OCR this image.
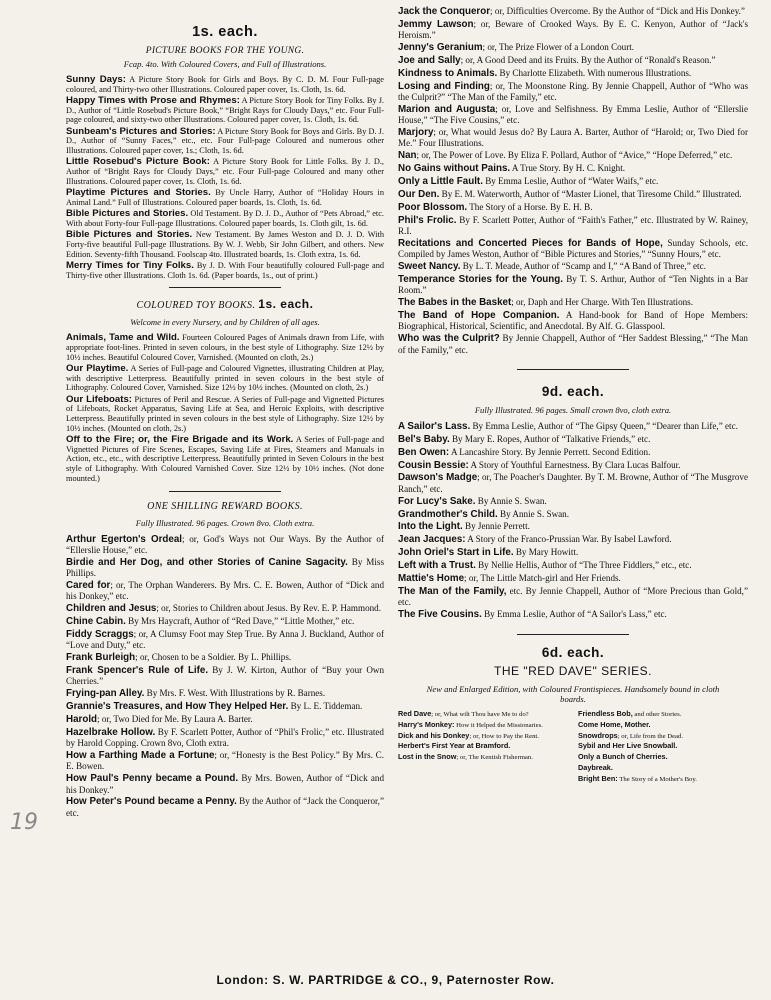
19
1s. each.
PICTURE BOOKS FOR THE YOUNG.
Fcap. 4to. With Coloured Covers, and Full of Illustrations.
Sunny Days: A Picture Story Book for Girls and Boys. By C. D. M. Four Full-page coloured, and Thirty-two other Illustrations. Coloured paper cover, 1s. Cloth, 1s. 6d.
Happy Times with Prose and Rhymes: A Picture Story Book for Tiny Folks. By J. D., Author of “Little Rosebud's Picture Book,” “Bright Rays for Cloudy Days,” etc. Four Full-page coloured, and sixty-two other Illustrations. Coloured paper cover, 1s. Cloth, 1s. 6d.
Sunbeam's Pictures and Stories: A Picture Story Book for Boys and Girls. By D. J. D., Author of “Sunny Faces,” etc., etc. Four Full-page Coloured and numerous other Illustrations. Coloured paper cover, 1s.; Cloth, 1s. 6d.
Little Rosebud's Picture Book: A Picture Story Book for Little Folks. By J. D., Author of “Bright Rays for Cloudy Days,” etc. Four Full-page Coloured and many other Illustrations. Coloured paper cover, 1s. Cloth, 1s. 6d.
Playtime Pictures and Stories. By Uncle Harry, Author of “Holiday Hours in Animal Land.” Full of Illustrations. Coloured paper boards, 1s. Cloth, 1s. 6d.
Bible Pictures and Stories. Old Testament. By D. J. D., Author of “Pets Abroad,” etc. With about Forty-four Full-page Illustrations. Coloured paper boards, 1s. Cloth gilt, 1s. 6d.
Bible Pictures and Stories. New Testament. By James Weston and D. J. D. With Forty-five beautiful Full-page Illustrations. By W. J. Webb, Sir John Gilbert, and others. New Edition. Seventy-fifth Thousand. Foolscap 4to. Illustrated boards, 1s. Cloth extra, 1s. 6d.
Merry Times for Tiny Folks. By J. D. With Four beautifully coloured Full-page and Thirty-five other Illustrations. Cloth 1s. 6d. (Paper boards, 1s., out of print.)
COLOURED TOY BOOKS. 1s. each.
Welcome in every Nursery, and by Children of all ages.
Animals, Tame and Wild. Fourteen Coloured Pages of Animals drawn from Life, with appropriate foot-lines. Printed in seven colours, in the best style of Lithography. Size 12½ by 10½ inches. Beautiful Coloured Cover, Varnished. (Mounted on cloth, 2s.)
Our Playtime. A Series of Full-page and Coloured Vignettes, illustrating Children at Play, with descriptive Letterpress. Beautifully printed in seven colours in the best style of Lithography. Coloured Cover, Varnished. Size 12½ by 10½ inches. (Mounted on cloth, 2s.)
Our Lifeboats: Pictures of Peril and Rescue. A Series of Full-page and Vignetted Pictures of Lifeboats, Rocket Apparatus, Saving Life at Sea, and Heroic Exploits, with descriptive Letterpress. Beautifully printed in seven colours in the best style of Lithography. Size 12½ by 10½ inches. (Mounted on cloth, 2s.)
Off to the Fire; or, the Fire Brigade and its Work. A Series of Full-page and Vignetted Pictures of Fire Scenes, Escapes, Saving Life at Fires, Steamers and Manuals in Action, etc., etc., with descriptive Letterpress. Beautifully printed in Seven Colours in the best style of Lithography. With Coloured Varnished Cover. Size 12½ by 10½ inches. (Not done mounted.)
ONE SHILLING REWARD BOOKS.
Fully Illustrated. 96 pages. Crown 8vo. Cloth extra.
Arthur Egerton's Ordeal; or, God's Ways not Our Ways. By the Author of “Ellerslie House,” etc.
Birdie and Her Dog, and other Stories of Canine Sagacity. By Miss Phillips.
Cared for; or, The Orphan Wanderers. By Mrs. C. E. Bowen, Author of “Dick and his Donkey,” etc.
Children and Jesus; or, Stories to Children about Jesus. By Rev. E. P. Hammond.
Chine Cabin. By Mrs Haycraft, Author of “Red Dave,” “Little Mother,” etc.
Fiddy Scraggs; or, A Clumsy Foot may Step True. By Anna J. Buckland, Author of “Love and Duty,” etc.
Frank Burleigh; or, Chosen to be a Soldier. By L. Phillips.
Frank Spencer's Rule of Life. By J. W. Kirton, Author of “Buy your Own Cherries.”
Frying-pan Alley. By Mrs. F. West. With Illustrations by R. Barnes.
Grannie's Treasures, and How They Helped Her. By L. E. Tiddeman.
Harold; or, Two Died for Me. By Laura A. Barter.
Hazelbrake Hollow. By F. Scarlett Potter, Author of “Phil's Frolic,” etc. Illustrated by Harold Copping. Crown 8vo, Cloth extra.
How a Farthing Made a Fortune; or, “Honesty is the Best Policy.” By Mrs. C. E. Bowen.
How Paul's Penny became a Pound. By Mrs. Bowen, Author of “Dick and his Donkey.”
How Peter's Pound became a Penny. By the Author of “Jack the Conqueror,” etc.
Jack the Conqueror; or, Difficulties Overcome. By the Author of “Dick and His Donkey.”
Jemmy Lawson; or, Beware of Crooked Ways. By E. C. Kenyon, Author of “Jack's Heroism.”
Jenny's Geranium; or, The Prize Flower of a London Court.
Joe and Sally; or, A Good Deed and its Fruits. By the Author of “Ronald's Reason.”
Kindness to Animals. By Charlotte Elizabeth. With numerous Illustrations.
Losing and Finding; or, The Moonstone Ring. By Jennie Chappell, Author of “Who was the Culprit?” “The Man of the Family,” etc.
Marion and Augusta; or, Love and Selfishness. By Emma Leslie, Author of “Ellerslie House,” “The Five Cousins,” etc.
Marjory; or, What would Jesus do? By Laura A. Barter, Author of “Harold; or, Two Died for Me.” Four Illustrations.
Nan; or, The Power of Love. By Eliza F. Pollard, Author of “Avice,” “Hope Deferred,” etc.
No Gains without Pains. A True Story. By H. C. Knight.
Only a Little Fault. By Emma Leslie, Author of “Water Waifs,” etc.
Our Den. By E. M. Waterworth, Author of “Master Lionel, that Tiresome Child.” Illustrated.
Poor Blossom. The Story of a Horse. By E. H. B.
Phil's Frolic. By F. Scarlett Potter, Author of “Faith's Father,” etc. Illustrated by W. Rainey, R.I.
Recitations and Concerted Pieces for Bands of Hope, Sunday Schools, etc. Compiled by James Weston, Author of “Bible Pictures and Stories,” “Sunny Hours,” etc.
Sweet Nancy. By L. T. Meade, Author of “Scamp and I,” “A Band of Three,” etc.
Temperance Stories for the Young. By T. S. Arthur, Author of “Ten Nights in a Bar Room.”
The Babes in the Basket; or, Daph and Her Charge. With Ten Illustrations.
The Band of Hope Companion. A Hand-book for Band of Hope Members: Biographical, Historical, Scientific, and Anecdotal. By Alf. G. Glasspool.
Who was the Culprit? By Jennie Chappell, Author of “Her Saddest Blessing,” “The Man of the Family,” etc.
9d. each.
Fully Illustrated. 96 pages. Small crown 8vo, cloth extra.
A Sailor's Lass. By Emma Leslie, Author of “The Gipsy Queen,” “Dearer than Life,” etc.
Bel's Baby. By Mary E. Ropes, Author of “Talkative Friends,” etc.
Ben Owen: A Lancashire Story. By Jennie Perrett. Second Edition.
Cousin Bessie: A Story of Youthful Earnestness. By Clara Lucas Balfour.
Dawson's Madge; or, The Poacher's Daughter. By T. M. Browne, Author of “The Musgrove Ranch,” etc.
For Lucy's Sake. By Annie S. Swan.
Grandmother's Child. By Annie S. Swan.
Into the Light. By Jennie Perrett.
Jean Jacques: A Story of the Franco-Prussian War. By Isabel Lawford.
John Oriel's Start in Life. By Mary Howitt.
Left with a Trust. By Nellie Hellis, Author of “The Three Fiddlers,” etc., etc.
Mattie's Home; or, The Little Match-girl and Her Friends.
The Man of the Family, etc. By Jennie Chappell, Author of “More Precious than Gold,” etc.
The Five Cousins. By Emma Leslie, Author of “A Sailor's Lass,” etc.
6d. each.
THE "RED DAVE" SERIES.
New and Enlarged Edition, with Coloured Frontispieces. Handsomely bound in cloth boards.
Red Dave; or, What wilt Thou have Me to do?
Harry's Monkey: How it Helped the Missionaries.
Dick and his Donkey; or, How to Pay the Rent.
Herbert's First Year at Bramford.
Lost in the Snow; or, The Kentish Fisherman.
Friendless Bob, and other Stories.
Come Home, Mother.
Snowdrops; or, Life from the Dead.
Sybil and Her Live Snowball.
Only a Bunch of Cherries.
Daybreak.
Bright Ben: The Story of a Mother's Boy.
London: S. W. PARTRIDGE & CO., 9, Paternoster Row.
